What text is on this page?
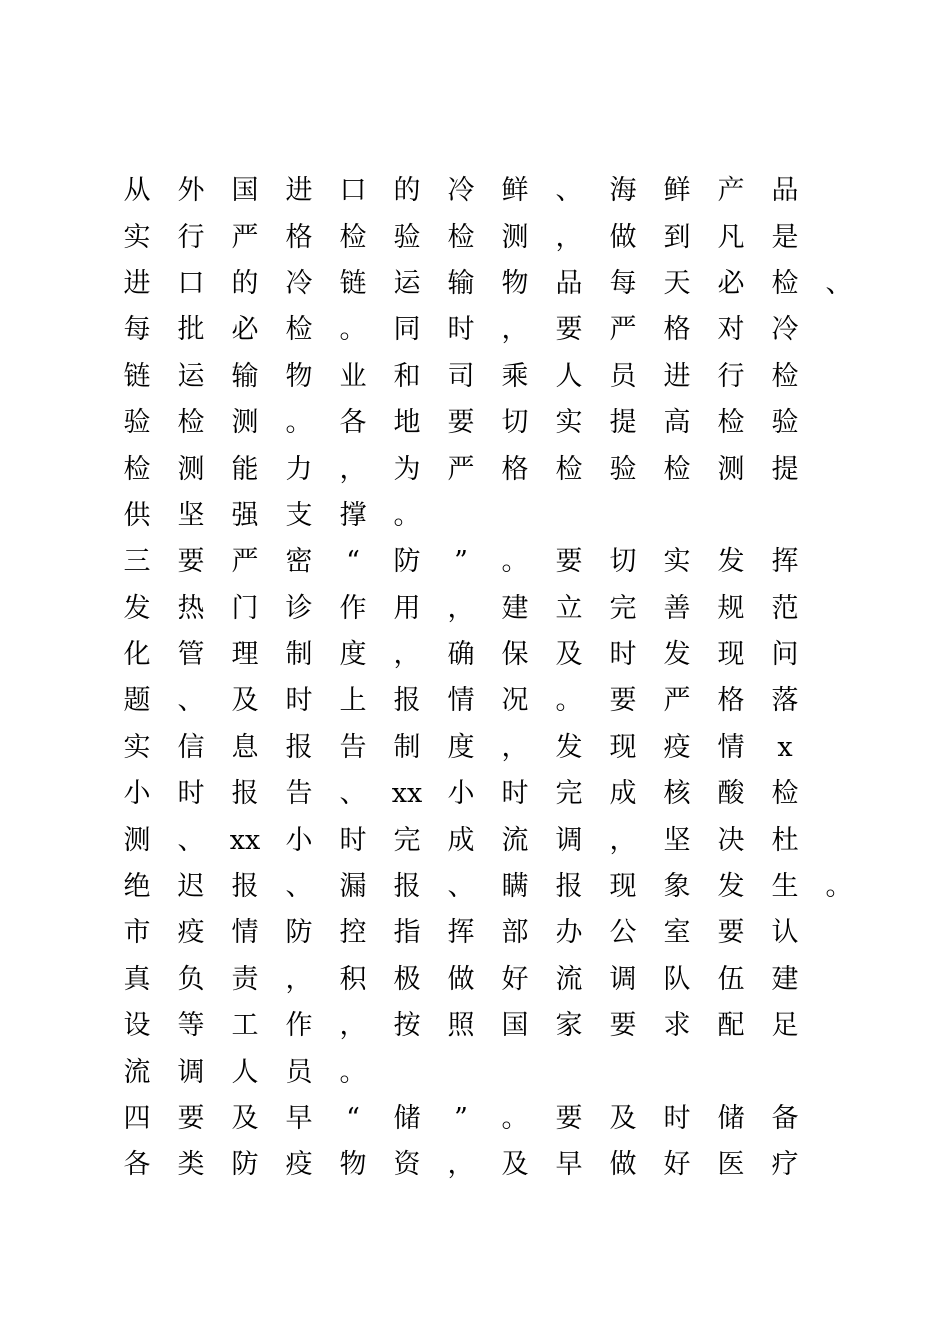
从	外	国	进	口	的	冷	鲜	、	海	鲜	产	品
实	行	严	格	检	验	检	测	，	做	到	凡	是
进	口	的	冷	链	运	输	物	品	每	天	必	检	、
每	批	必	检	。	同	时	，	要	严	格	对	冷
链	运	输	物	业	和	司	乘	人	员	进	行	检
验	检	测	。	各	地	要	切	实	提	高	检	验
检	测	能	力	，	为	严	格	检	验	检	测	提
供	坚	强	支	撑	。
三	要	严	密	“	防	”	。	要	切	实	发	挥
发	热	门	诊	作	用	，	建	立	完	善	规	范
化	管	理	制	度	，	确	保	及	时	发	现	问
题	、	及	时	上	报	情	况	。	要	严	格	落
实	信	息	报	告	制	度	，	发	现	疫	情	x
小	时	报	告	、 xx 小	时	完	成	核	酸	检
测	、 xx 小	时	完	成	流	调	，	坚	决	杜
绝	迟	报	、	漏	报	、	瞒	报	现	象	发	生	。
市	疫	情	防	控	指	挥	部	办	公	室	要	认
真	负	责	，	积	极	做	好	流	调	队	伍	建
设	等	工	作	，	按	照	国	家	要	求	配	足
流	调	人	员	。
四	要	及	早	“	储	”	。	要	及	时	储	备
各	类	防	疫	物	资	，	及	早	做	好	医	疗
